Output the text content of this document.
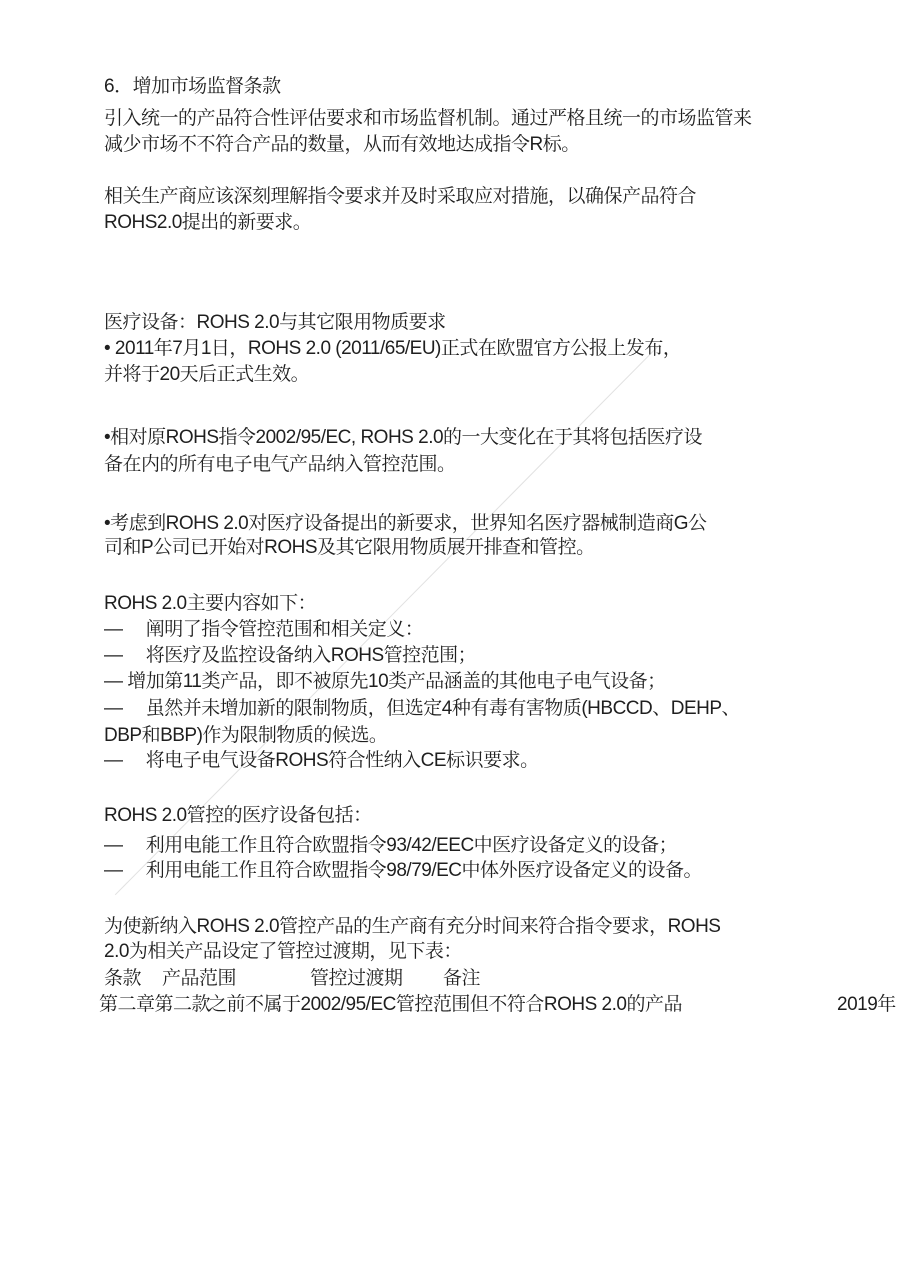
6．增加市场监督条款
引入统一的产品符合性评估要求和市场监督机制。通过严格且统一的市场监管来
减少市场不不符合产品的数量，从而有效地达成指令R标。
相关生产商应该深刻理解指令要求并及时采取应对措施，以确保产品符合
ROHS2.0提出的新要求。
医疗设备：ROHS 2.0与其它限用物质要求
• 2011年7月1日，ROHS 2.0 (2011/65/EU)正式在欧盟官方公报上发布，
并将于20天后正式生效。
•相对原ROHS指令2002/95/EC, ROHS 2.0的一大变化在于其将包括医疗设
备在内的所有电子电气产品纳入管控范围。
•考虑到ROHS 2.0对医疗设备提出的新要求，世界知名医疗器械制造商G公
司和P公司已开始对ROHS及其它限用物质展开排查和管控。
ROHS 2.0主要内容如下：
—　 阐明了指令管控范围和相关定义：
—　 将医疗及监控设备纳入ROHS管控范围；
— 增加第11类产品，即不被原先10类产品涵盖的其他电子电气设备；
—　 虽然并未增加新的限制物质，但选定4种有毒有害物质(HBCCD、DEHP、
DBP和BBP)作为限制物质的候选。
—　 将电子电气设备ROHS符合性纳入CE标识要求。
ROHS 2.0管控的医疗设备包括：
—　 利用电能工作且符合欧盟指令93/42/EEC中医疗设备定义的设备；
—　 利用电能工作且符合欧盟指令98/79/EC中体外医疗设备定义的设备。
为使新纳入ROHS 2.0管控产品的生产商有充分时间来符合指令要求，ROHS
2.0为相关产品设定了管控过渡期，见下表：
条款 产品范围	管控过渡期 备注
第二章第二款
之前不属于2002/95/EC管控范围但不符合ROHS 2.0的产品	2019年
